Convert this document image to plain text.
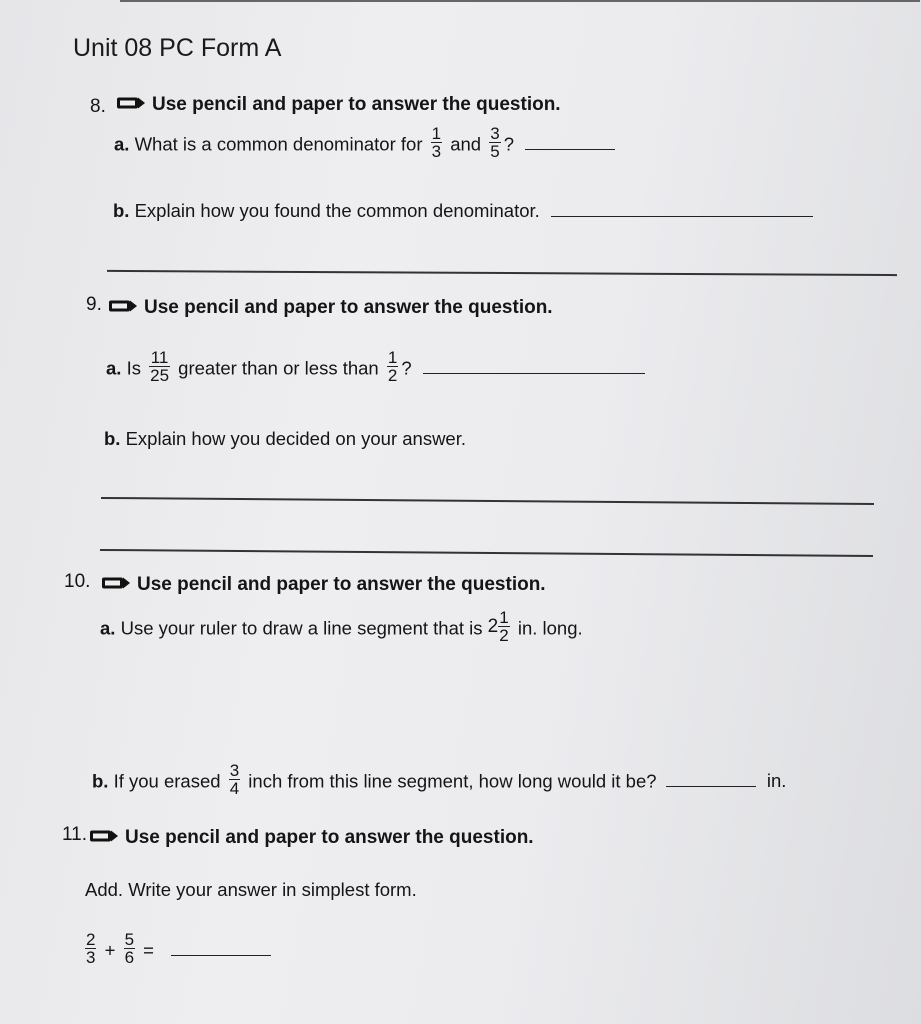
Unit 08 PC Form A
8.	Use pencil and paper to answer the question.
a. What is a common denominator for $\frac{1}{3}$ and $\frac{3}{5}$ ?
b. Explain how you found the common denominator.
9.	Use pencil and paper to answer the question.
a. Is $\frac{11}{25}$ greater than or less than $\frac{1}{2}$ ?
b. Explain how you decided on your answer.
10.	Use pencil and paper to answer the question.
a. Use your ruler to draw a line segment that is $2 \frac{1}{2}$ in. long.
b. If you erased $\frac{3}{4}$ inch from this line segment, how long would it be?	in.
11.	Use pencil and paper to answer the question.
Add. Write your answer in simplest form.
$\frac{2}{3} + \frac{5}{6}$ =
